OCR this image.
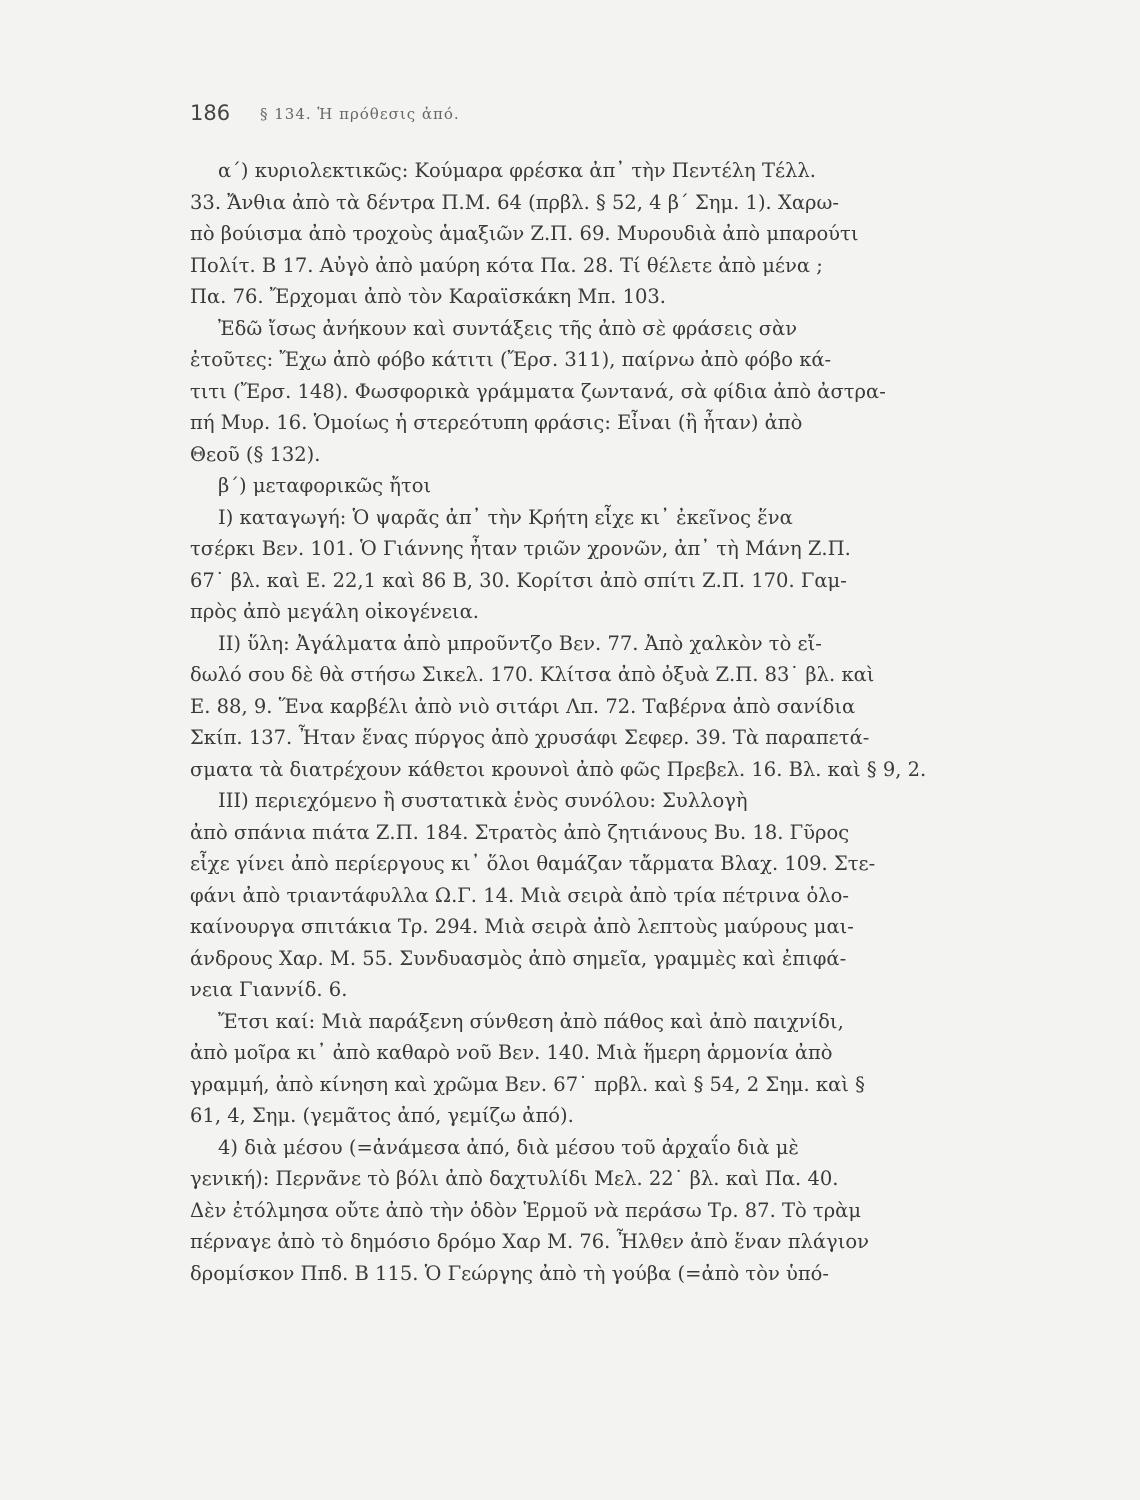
186 § 134. Ἡ πρόθεσις ἀπό.
α΄) κυριολεκτικῶς: Κούμαρα φρέσκα ἀπ᾽ τὴν Πεντέλη Τέλλ.
33. Ἄνθια ἀπὸ τὰ δέντρα Π.Μ. 64 (πρβλ. § 52, 4 β΄ Σημ. 1). Χαρω-
πὸ βούισμα ἀπὸ τροχοὺς ἁμαξιῶν Ζ.Π. 69. Μυρουδιὰ ἀπὸ μπαρούτι
Πολίτ. Β 17. Αὐγὸ ἀπὸ μαύρη κότα Πα. 28. Τί θέλετε ἀπὸ μένα ;
Πα. 76. Ἔρχομαι ἀπὸ τὸν Καραϊσκάκη Μπ. 103.
Ἐδῶ ἴσως ἀνήκουν καὶ συντάξεις τῆς ἀπὸ σὲ φράσεις σὰν
ἐτοῦτες: Ἔχω ἀπὸ φόβο κάτιτι (Ἔρσ. 311), παίρνω ἀπὸ φόβο κά-
τιτι (Ἔρσ. 148). Φωσφορικὰ γράμματα ζωντανά, σὰ φίδια ἀπὸ ἀστρα-
πή Μυρ. 16. Ὁμοίως ἡ στερεότυπη φράσις: Εἶναι (ἢ ἦταν) ἀπὸ
Θεοῦ (§ 132).
β΄) μεταφορικῶς ἤτοι
Ι) καταγωγή: Ὁ ψαρᾶς ἀπ᾽ τὴν Κρήτη εἶχε κι᾽ ἐκεῖνος ἕνα
τσέρκι Βεν. 101. Ὁ Γιάννης ἦταν τριῶν χρονῶν, ἀπ᾽ τὴ Μάνη Ζ.Π.
67˙ βλ. καὶ Ε. 22,1 καὶ 86 Β, 30. Κορίτσι ἀπὸ σπίτι Ζ.Π. 170. Γαμ-
πρὸς ἀπὸ μεγάλη οἰκογένεια.
ΙΙ) ὕλη: Ἀγάλματα ἀπὸ μπροῦντζο Βεν. 77. Ἀπὸ χαλκὸν τὸ εἴ-
δωλό σου δὲ θὰ στήσω Σικελ. 170. Κλίτσα ἀπὸ ὀξυὰ Ζ.Π. 83˙ βλ. καὶ
Ε. 88, 9. Ἕνα καρβέλι ἀπὸ νιὸ σιτάρι Λπ. 72. Ταβέρνα ἀπὸ σανίδια
Σκίπ. 137. Ἦταν ἕνας πύργος ἀπὸ χρυσάφι Σεφερ. 39. Τὰ παραπετά-
σματα τὰ διατρέχουν κάθετοι κρουνοὶ ἀπὸ φῶς Πρεβελ. 16. Βλ. καὶ § 9, 2.
ΙΙΙ) περιεχόμενο ἢ συστατικὰ ἑνὸς συνόλου: Συλλογὴ
ἀπὸ σπάνια πιάτα Ζ.Π. 184. Στρατὸς ἀπὸ ζητιάνους Βυ. 18. Γῦρος
εἶχε γίνει ἀπὸ περίεργους κι᾽ ὅλοι θαμάζαν τἄρματα Βλαχ. 109. Στε-
φάνι ἀπὸ τριαντάφυλλα Ω.Γ. 14. Μιὰ σειρὰ ἀπὸ τρία πέτρινα ὁλο-
καίνουργα σπιτάκια Τρ. 294. Μιὰ σειρὰ ἀπὸ λεπτοὺς μαύρους μαι-
άνδρους Χαρ. Μ. 55. Συνδυασμὸς ἀπὸ σημεῖα, γραμμὲς καὶ ἐπιφά-
νεια Γιαννίδ. 6.
Ἔτσι καί: Μιὰ παράξενη σύνθεση ἀπὸ πάθος καὶ ἀπὸ παιχνίδι,
ἀπὸ μοῖρα κι᾽ ἀπὸ καθαρὸ νοῦ Βεν. 140. Μιὰ ἥμερη ἁρμονία ἀπὸ
γραμμή, ἀπὸ κίνηση καὶ χρῶμα Βεν. 67˙ πρβλ. καὶ § 54, 2 Σημ. καὶ §
61, 4, Σημ. (γεμᾶτος ἀπό, γεμίζω ἀπό).
4) διὰ μέσου (=ἀνάμεσα ἀπό, διὰ μέσου τοῦ ἀρχαΐο διὰ μὲ
γενική): Περνᾶνε τὸ βόλι ἀπὸ δαχτυλίδι Μελ. 22˙ βλ. καὶ Πα. 40.
Δὲν ἐτόλμησα οὔτε ἀπὸ τὴν ὁδὸν Ἑρμοῦ νὰ περάσω Τρ. 87. Τὸ τρὰμ
πέρναγε ἀπὸ τὸ δημόσιο δρόμο Χαρ Μ. 76. Ἦλθεν ἀπὸ ἕναν πλάγιον
δρομίσκον Ππδ. Β 115. Ὁ Γεώργης ἀπὸ τὴ γούβα (=ἀπὸ τὸν ὑπό-
